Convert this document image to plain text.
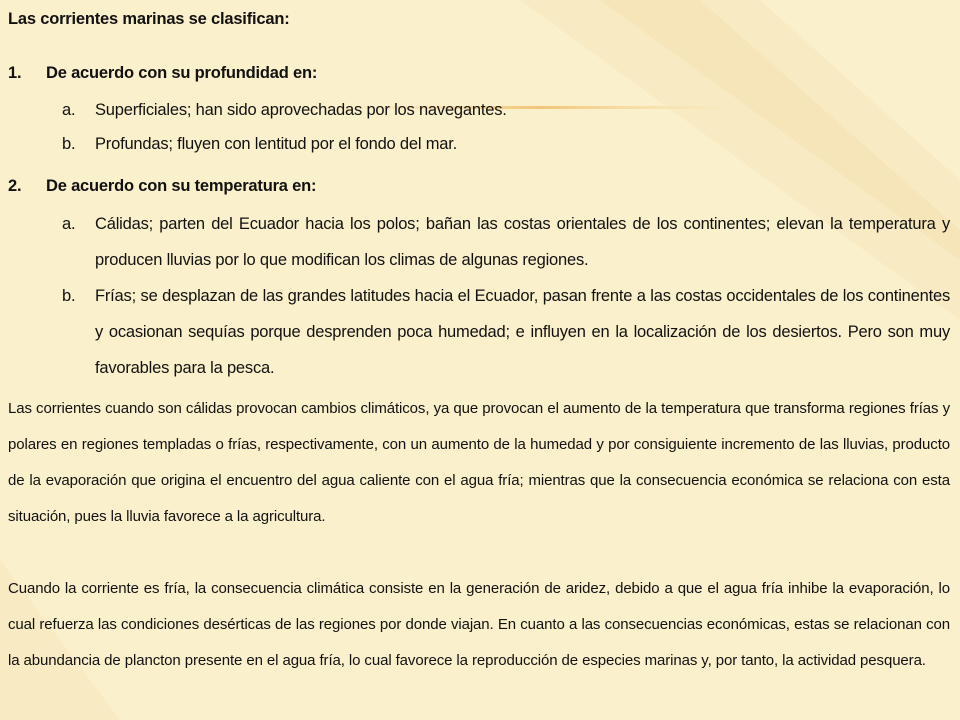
Las corrientes marinas se clasifican:
1. De acuerdo con su profundidad en:
a. Superficiales; han sido aprovechadas por los navegantes.
b. Profundas; fluyen con lentitud por el fondo del mar.
2. De acuerdo con su temperatura en:
a. Cálidas; parten del Ecuador hacia los polos; bañan las costas orientales de los continentes; elevan la temperatura y producen lluvias por lo que modifican los climas de algunas regiones.
b. Frías; se desplazan de las grandes latitudes hacia el Ecuador, pasan frente a las costas occidentales de los continentes y ocasionan sequías porque desprenden poca humedad; e influyen en la localización de los desiertos. Pero son muy favorables para la pesca.
Las corrientes cuando son cálidas provocan cambios climáticos, ya que provocan el aumento de la temperatura que transforma regiones frías y polares en regiones templadas o frías, respectivamente, con un aumento de la humedad y por consiguiente incremento de las lluvias, producto de la evaporación que origina el encuentro del agua caliente con el agua fría; mientras que la consecuencia económica se relaciona con esta situación, pues la lluvia favorece a la agricultura.
Cuando la corriente es fría, la consecuencia climática consiste en la generación de aridez, debido a que el agua fría inhibe la evaporación, lo cual refuerza las condiciones desérticas de las regiones por donde viajan. En cuanto a las consecuencias económicas, estas se relacionan con la abundancia de plancton presente en el agua fría, lo cual favorece la reproducción de especies marinas y, por tanto, la actividad pesquera.
